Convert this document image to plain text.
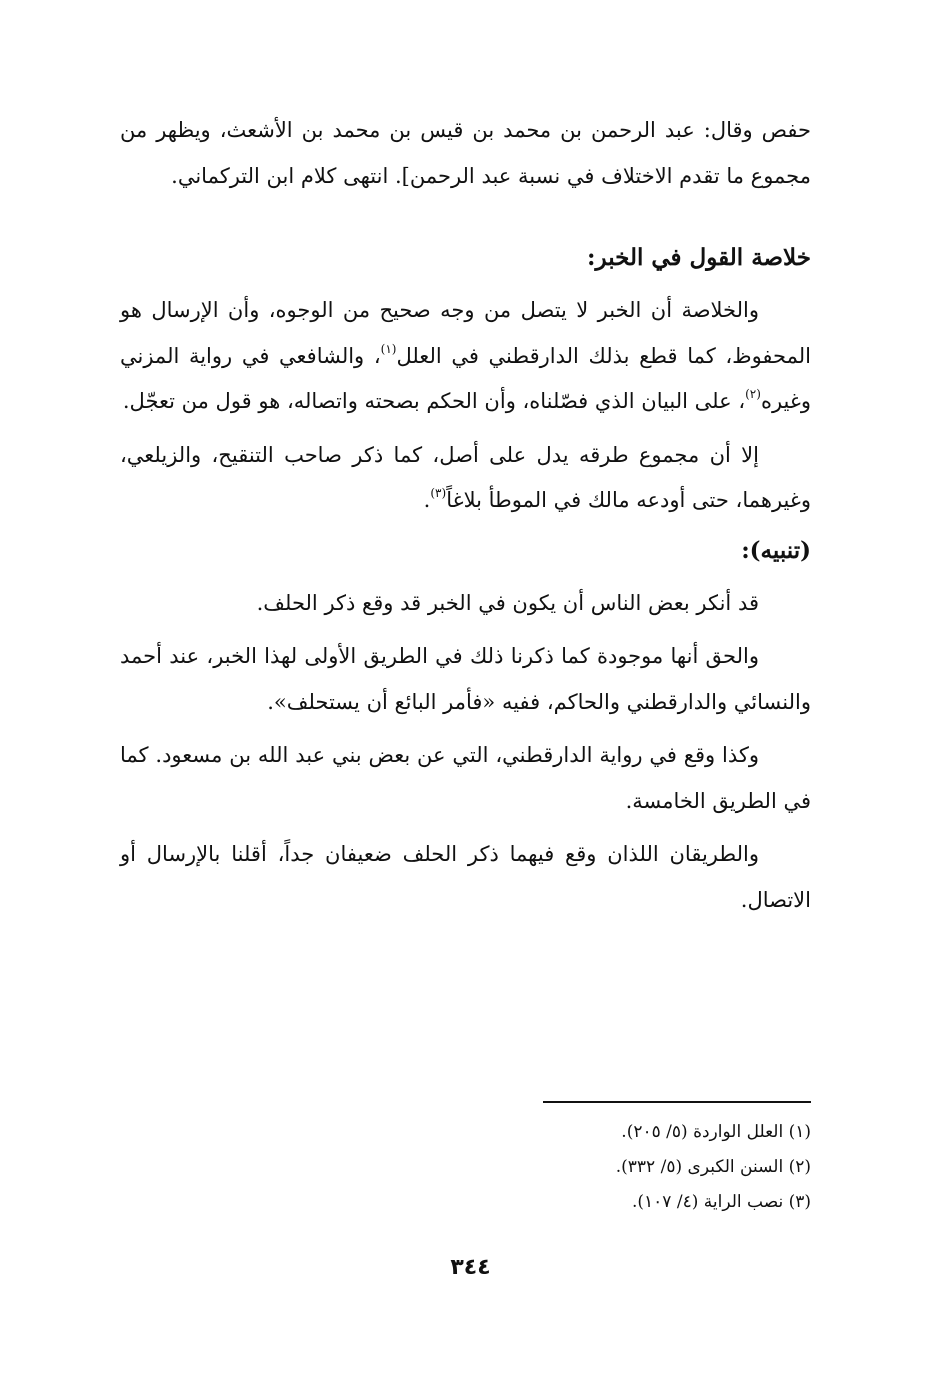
حفص وقال: عبد الرحمن بن محمد بن قيس بن محمد بن الأشعث، ويظهر من مجموع ما تقدم الاختلاف في نسبة عبد الرحمن]. انتهى كلام ابن التركماني.

خلاصة القول في الخبر:

والخلاصة أن الخبر لا يتصل من وجه صحيح من الوجوه، وأن الإرسال هو المحفوظ، كما قطع بذلك الدارقطني في العلل$^{(١)}$، والشافعي في رواية المزني وغيره$^{(٢)}$، على البيان الذي فصّلناه، وأن الحكم بصحته واتصاله، هو قول من تعجّل.

إلا أن مجموع طرقه يدل على أصل، كما ذكر صاحب التنقيح، والزيلعي، وغيرهما، حتى أودعه مالك في الموطأ بلاغاً$^{(٣)}$.

(تنبيه):

قد أنكر بعض الناس أن يكون في الخبر قد وقع ذكر الحلف.

والحق أنها موجودة كما ذكرنا ذلك في الطريق الأولى لهذا الخبر، عند أحمد والنسائي والدارقطني والحاكم، ففيه «فأمر البائع أن يستحلف».

وكذا وقع في رواية الدارقطني، التي عن بعض بني عبد الله بن مسعود. كما في الطريق الخامسة.

والطريقان اللذان وقع فيهما ذكر الحلف ضعيفان جداً، أقلنا بالإرسال أو الاتصال.

(١) العلل الواردة (٥/ ٢٠٥).

(٢) السنن الكبرى (٥/ ٣٣٢).

(٣) نصب الراية (٤/ ١٠٧).

٣٤٤
